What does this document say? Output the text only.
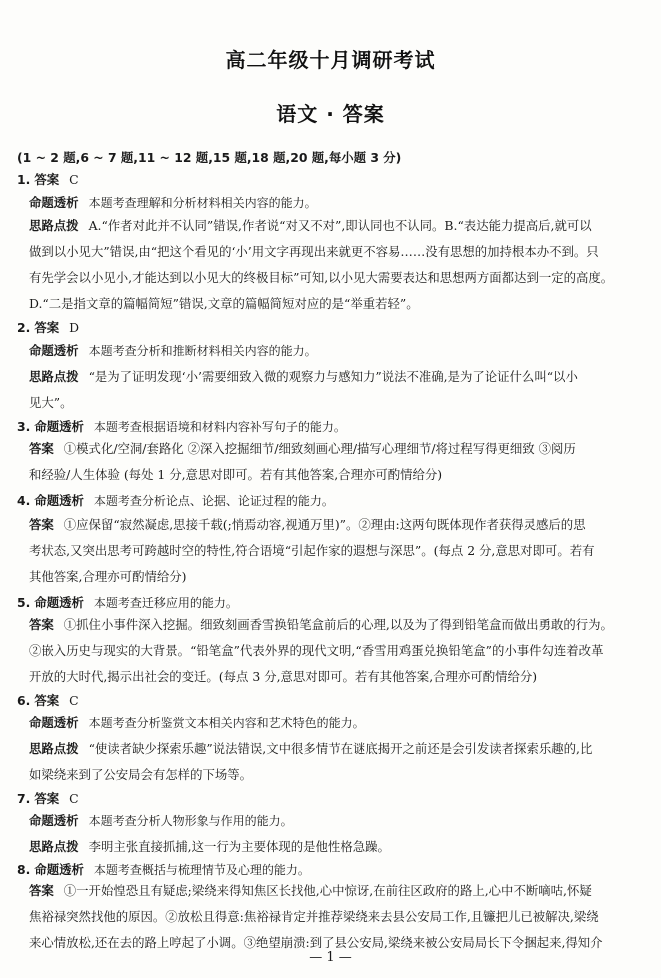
高二年级十月调研考试
语文 · 答案
(1 ~ 2 题,6 ~ 7 题,11 ~ 12 题,15 题,18 题,20 题,每小题 3 分)
1. 答案 C
命题透析 本题考查理解和分析材料相关内容的能力。
思路点拨 A.“作者对此并不认同”错误,作者说“对又不对”,即认同也不认同。B.“表达能力提高后,就可以
做到以小见大”错误,由“把这个看见的‘小’用文字再现出来就更不容易……没有思想的加持根本办不到。只
有先学会以小见小,才能达到以小见大的终极目标”可知,以小见大需要表达和思想两方面都达到一定的高度。
D.“二是指文章的篇幅简短”错误,文章的篇幅简短对应的是“举重若轻”。
2. 答案 D
命题透析 本题考查分析和推断材料相关内容的能力。
思路点拨 “是为了证明发现‘小’需要细致入微的观察力与感知力”说法不准确,是为了论证什么叫“以小
见大”。
3. 命题透析 本题考查根据语境和材料内容补写句子的能力。
答案 ①模式化/空洞/套路化 ②深入挖掘细节/细致刻画心理/描写心理细节/将过程写得更细致 ③阅历
和经验/人生体验 (每处 1 分,意思对即可。若有其他答案,合理亦可酌情给分)
4. 命题透析 本题考查分析论点、论据、论证过程的能力。
答案 ①应保留“寂然凝虑,思接千载(;悄焉动容,视通万里)”。②理由:这两句既体现作者获得灵感后的思
考状态,又突出思考可跨越时空的特性,符合语境“引起作家的遐想与深思”。(每点 2 分,意思对即可。若有
其他答案,合理亦可酌情给分)
5. 命题透析 本题考查迁移应用的能力。
答案 ①抓住小事件深入挖掘。细致刻画香雪换铅笔盒前后的心理,以及为了得到铅笔盒而做出勇敢的行为。
②嵌入历史与现实的大背景。“铅笔盒”代表外界的现代文明,“香雪用鸡蛋兑换铅笔盒”的小事件勾连着改革
开放的大时代,揭示出社会的变迁。(每点 3 分,意思对即可。若有其他答案,合理亦可酌情给分)
6. 答案 C
命题透析 本题考查分析鉴赏文本相关内容和艺术特色的能力。
思路点拨 “使读者缺少探索乐趣”说法错误,文中很多情节在谜底揭开之前还是会引发读者探索乐趣的,比
如梁绕来到了公安局会有怎样的下场等。
7. 答案 C
命题透析 本题考查分析人物形象与作用的能力。
思路点拨 李明主张直接抓捕,这一行为主要体现的是他性格急躁。
8. 命题透析 本题考查概括与梳理情节及心理的能力。
答案 ①一开始惶恐且有疑虑;梁绕来得知焦区长找他,心中惊讶,在前往区政府的路上,心中不断嘀咕,怀疑
焦裕禄突然找他的原因。②放松且得意:焦裕禄肯定并推荐梁绕来去县公安局工作,且镰把儿已被解决,梁绕
来心情放松,还在去的路上哼起了小调。③绝望崩溃:到了县公安局,梁绕来被公安局局长下令捆起来,得知介
— 1 —
